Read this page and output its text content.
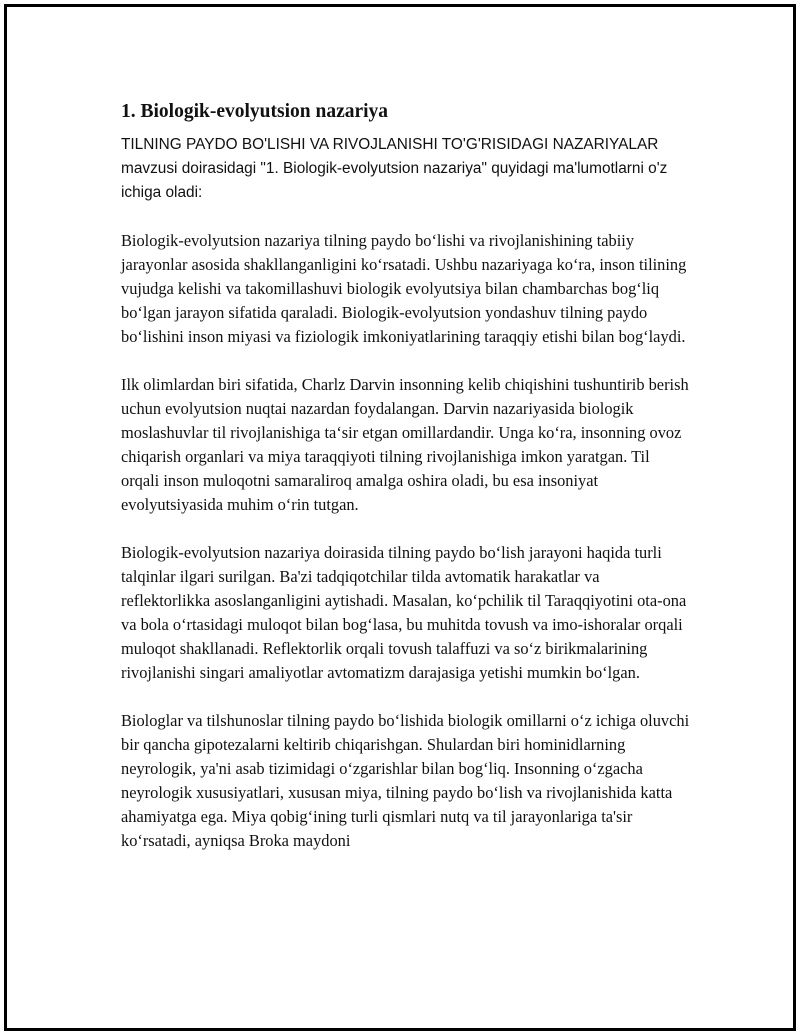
1. Biologik-evolyutsion nazariya

TILNING PAYDO BO'LISHI VA RIVOJLANISHI TO'G'RISIDAGI NAZARIYALAR mavzusi doirasidagi "1. Biologik-evolyutsion nazariya" quyidagi ma'lumotlarni o'z ichiga oladi:

Biologik-evolyutsion nazariya tilning paydo boʻlishi va rivojlanishining tabiiy jarayonlar asosida shakllanganligini koʻrsatadi. Ushbu nazariyaga koʻra, inson tilining vujudga kelishi va takomillashuvi biologik evolyutsiya bilan chambarchas bogʻliq boʻlgan jarayon sifatida qaraladi. Biologik-evolyutsion yondashuv tilning paydo boʻlishini inson miyasi va fiziologik imkoniyatlarining taraqqiy etishi bilan bogʻlaydi.

Ilk olimlardan biri sifatida, Charlz Darvin insonning kelib chiqishini tushuntirib berish uchun evolyutsion nuqtai nazardan foydalangan. Darvin nazariyasida biologik moslashuvlar til rivojlanishiga taʻsir etgan omillardandir. Unga koʻra, insonning ovoz chiqarish organlari va miya taraqqiyoti tilning rivojlanishiga imkon yaratgan. Til orqali inson muloqotni samaraliroq amalga oshira oladi, bu esa insoniyat evolyutsiyasida muhim oʻrin tutgan.

Biologik-evolyutsion nazariya doirasida tilning paydo boʻlish jarayoni haqida turli talqinlar ilgari surilgan. Ba'zi tadqiqotchilar tilda avtomatik harakatlar va reflektorlikka asoslanganligini aytishadi. Masalan, koʻpchilik til Taraqqiyotini ota-ona va bola oʻrtasidagi muloqot bilan bogʻlasa, bu muhitda tovush va imo-ishoralar orqali muloqot shakllanadi. Reflektorlik orqali tovush talaffuzi va soʻz birikmalarining rivojlanishi singari amaliyotlar avtomatizm darajasiga yetishi mumkin boʻlgan.

Biologlar va tilshunoslar tilning paydo boʻlishida biologik omillarni oʻz ichiga oluvchi bir qancha gipotezalarni keltirib chiqarishgan. Shulardan biri hominidlarning neyrologik, ya'ni asab tizimidagi oʻzgarishlar bilan bogʻliq. Insonning oʻzgacha neyrologik xususiyatlari, xususan miya, tilning paydo boʻlish va rivojlanishida katta ahamiyatga ega. Miya qobigʻining turli qismlari nutq va til jarayonlariga ta'sir koʻrsatadi, ayniqsa Broka maydoni
